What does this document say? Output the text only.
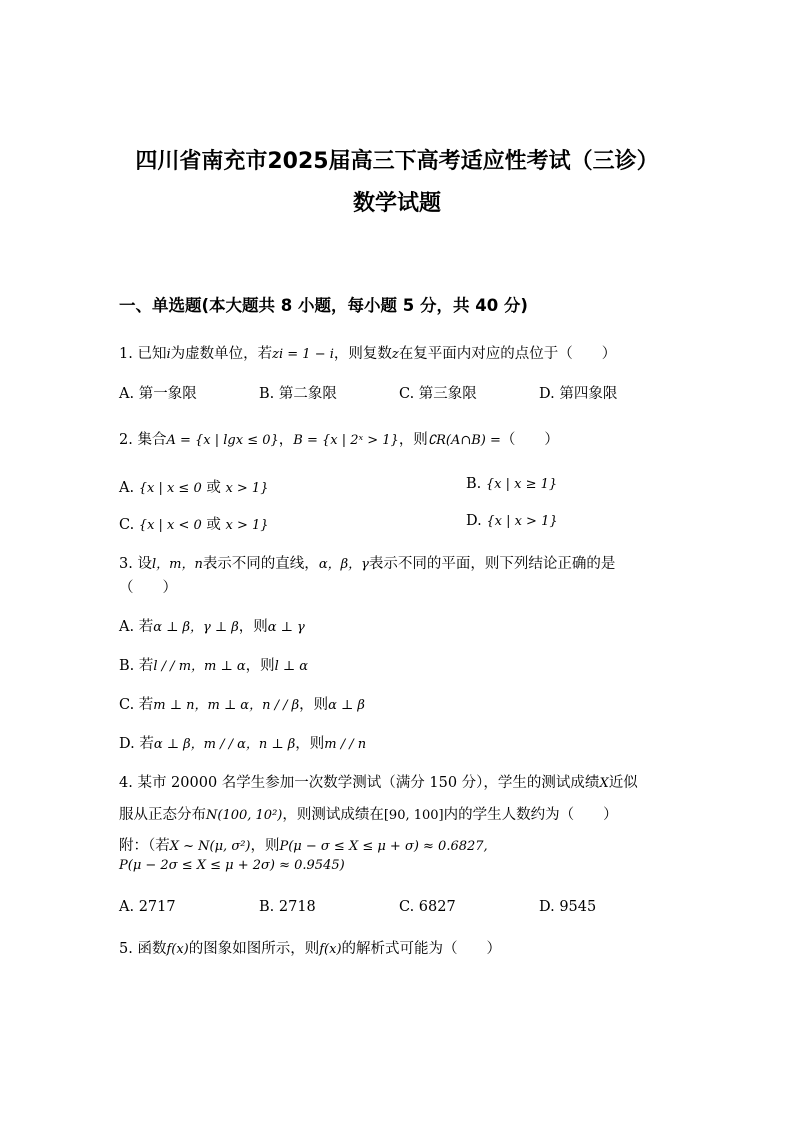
四川省南充市2025届高三下高考适应性考试（三诊）
数学试题
一、单选题(本大题共 8 小题，每小题 5 分，共 40 分)
1. 已知i为虚数单位，若zi = 1 − i，则复数z在复平面内对应的点位于（　　）
A. 第一象限	B. 第二象限	C. 第三象限	D. 第四象限
2. 集合A = {x | lgx ≤ 0}，B = {x | 2ˣ > 1}，则∁R(A∩B) =（　　）
A. {x | x ≤ 0 或 x > 1}	B. {x | x ≥ 1}
C. {x | x < 0 或 x > 1}	D. {x | x > 1}
3. 设l，m，n表示不同的直线，α，β，γ表示不同的平面，则下列结论正确的是
（　　）
A. 若α ⊥ β，γ ⊥ β，则α ⊥ γ
B. 若l / / m，m ⊥ α，则l ⊥ α
C. 若m ⊥ n，m ⊥ α，n / / β，则α ⊥ β
D. 若α ⊥ β，m / / α，n ⊥ β，则m / / n
4. 某市 20000 名学生参加一次数学测试（满分 150 分），学生的测试成绩X近似
服从正态分布N(100, 10²)，则测试成绩在[90, 100]内的学生人数约为（　　）
附：（若X ~ N(μ, σ²)，则P(μ − σ ≤ X ≤ μ + σ) ≈ 0.6827,
P(μ − 2σ ≤ X ≤ μ + 2σ) ≈ 0.9545)
A. 2717	B. 2718	C. 6827	D. 9545
5. 函数f(x)的图象如图所示，则f(x)的解析式可能为（　　）
